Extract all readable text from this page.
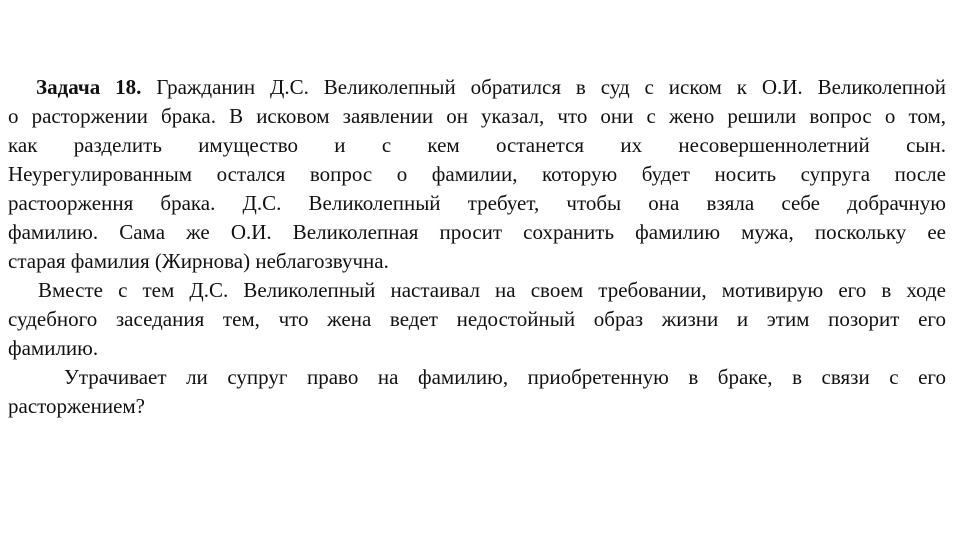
Задача 18. Гражданин Д.С. Великолепный обратился в суд с иском к О.И. Великолепной
о расторжении брака. В исковом заявлении он указал, что они с жено решили вопрос о том,
как разделить имущество и с кем останется их несовершеннолетний сын.
Неурегулированным остался вопрос о фамилии, которую будет носить супруга после
растоорження брака. Д.С. Великолепный требует, чтобы она взяла себе добрачную
фамилию. Сама же О.И. Великолепная просит сохранить фамилию мужа, поскольку ее
старая фамилия (Жирнова) неблагозвучна.
Вместе с тем Д.С. Великолепный настаивал на своем требовании, мотивирую его в ходе
судебного заседания тем, что жена ведет недостойный образ жизни и этим позорит его
фамилию.
Утрачивает ли супруг право на фамилию, приобретенную в браке, в связи с его
расторжением?
